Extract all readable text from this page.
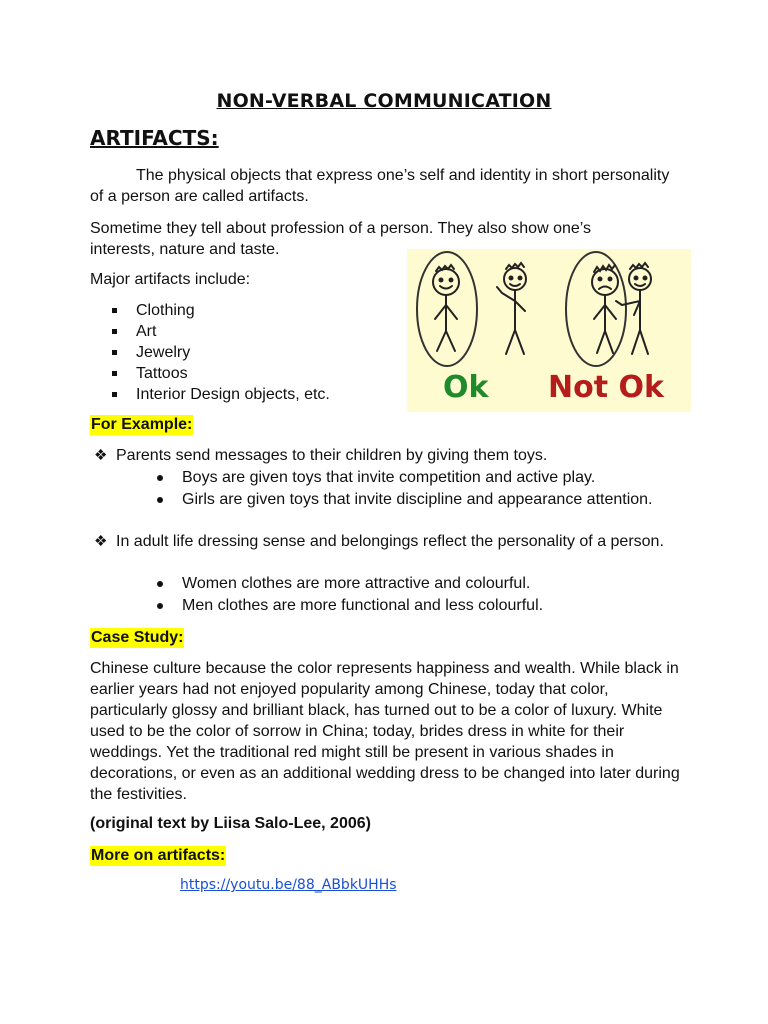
NON-VERBAL COMMUNICATION
ARTIFACTS:
The physical objects that express one’s self and identity in short personality of a person are called artifacts.
Sometime they tell about profession of a person. They also show one’s interests, nature and taste.
Major artifacts include:
Clothing
Art
Jewelry
Tattoos
Interior Design objects, etc.	Ok Not Ok
For Example:
❖ Parents send messages to their children by giving them toys.
Boys are given toys that invite competition and active play.
Girls are given toys that invite discipline and appearance attention.
❖ In adult life dressing sense and belongings reflect the personality of a person.
Women clothes are more attractive and colourful.
Men clothes are more functional and less colourful.
Case Study:
Chinese culture because the color represents happiness and wealth. While black in earlier years had not enjoyed popularity among Chinese, today that color, particularly glossy and brilliant black, has turned out to be a color of luxury. White used to be the color of sorrow in China; today, brides dress in white for their weddings. Yet the traditional red might still be present in various shades in decorations, or even as an additional wedding dress to be changed into later during the festivities.
(original text by Liisa Salo-Lee, 2006)
More on artifacts:
https://youtu.be/88_ABbkUHHs
